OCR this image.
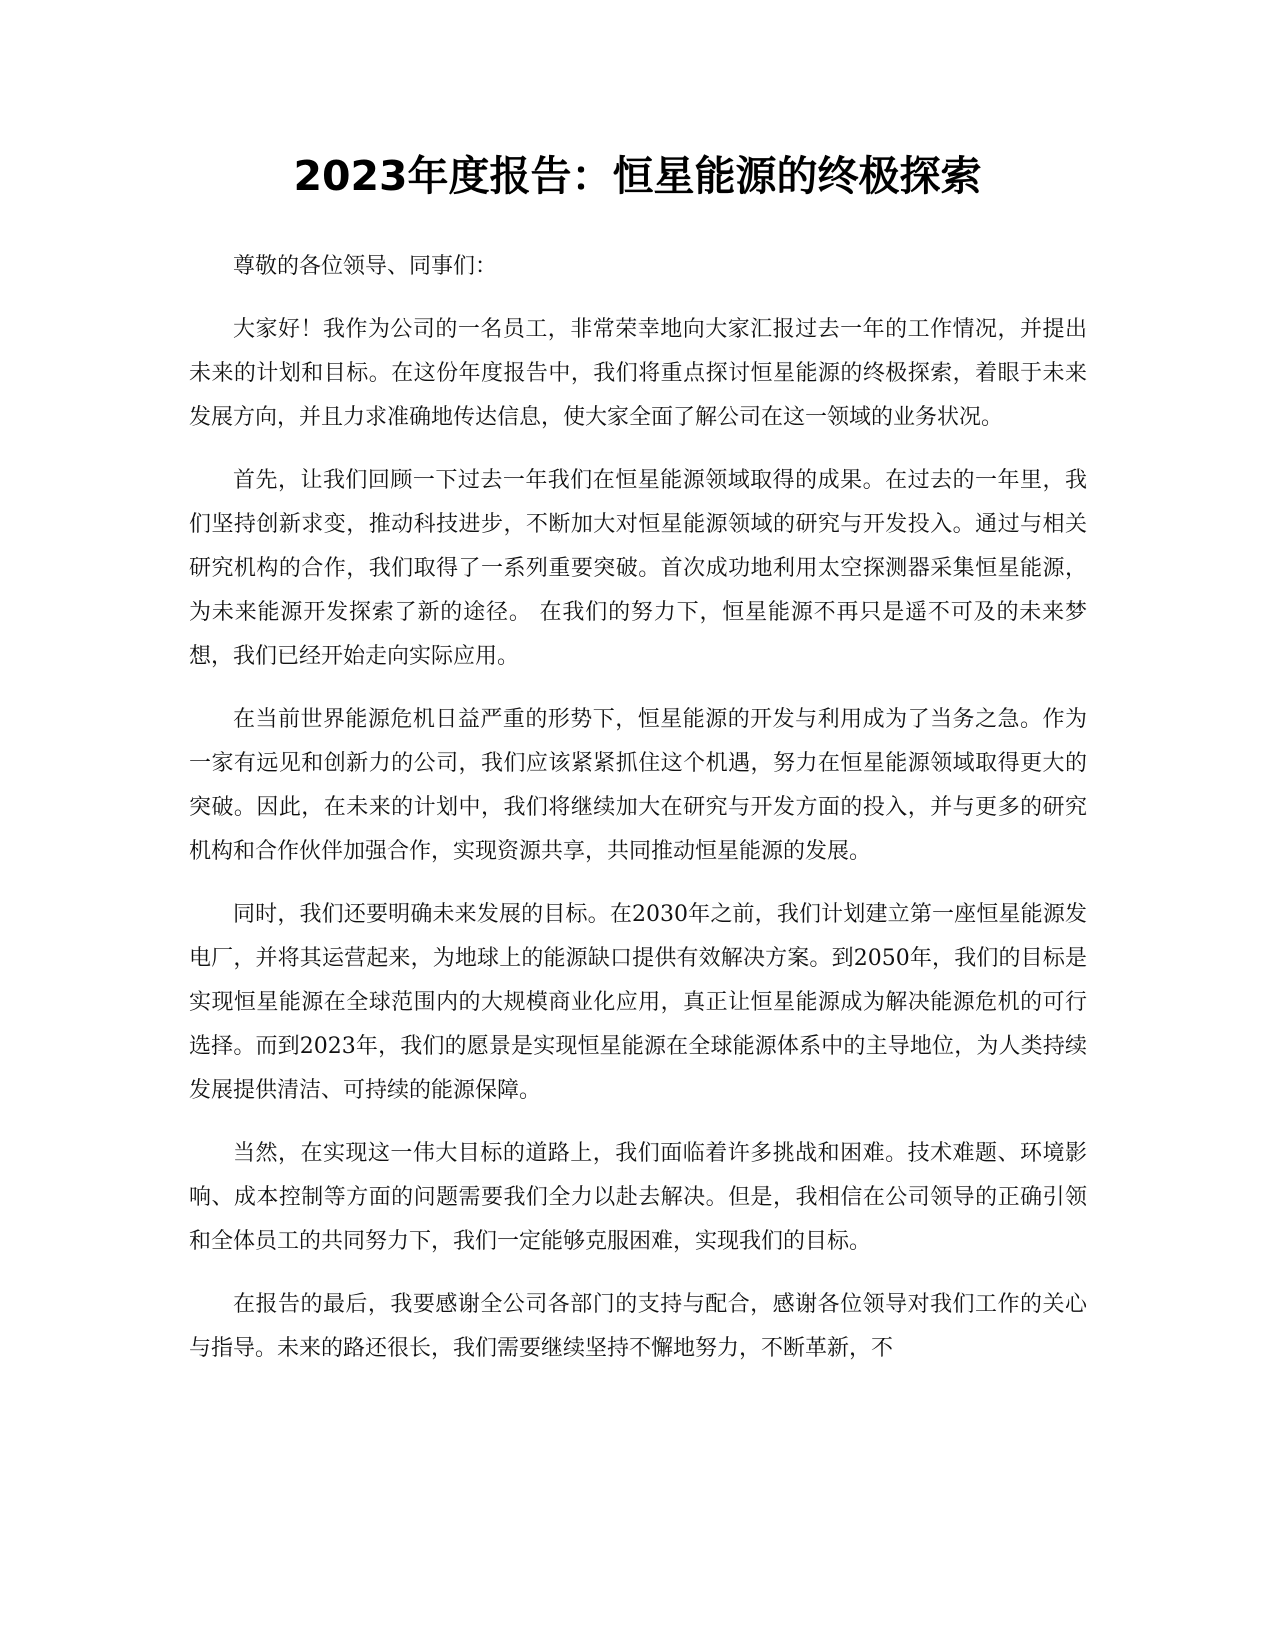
2023年度报告：恒星能源的终极探索

尊敬的各位领导、同事们：

大家好！我作为公司的一名员工，非常荣幸地向大家汇报过去一年的工作情况，并提出未来的计划和目标。在这份年度报告中，我们将重点探讨恒星能源的终极探索，着眼于未来发展方向，并且力求准确地传达信息，使大家全面了解公司在这一领域的业务状况。

首先，让我们回顾一下过去一年我们在恒星能源领域取得的成果。在过去的一年里，我们坚持创新求变，推动科技进步，不断加大对恒星能源领域的研究与开发投入。通过与相关研究机构的合作，我们取得了一系列重要突破。首次成功地利用太空探测器采集恒星能源，为未来能源开发探索了新的途径。 在我们的努力下，恒星能源不再只是遥不可及的未来梦想，我们已经开始走向实际应用。

在当前世界能源危机日益严重的形势下，恒星能源的开发与利用成为了当务之急。作为一家有远见和创新力的公司，我们应该紧紧抓住这个机遇，努力在恒星能源领域取得更大的突破。因此，在未来的计划中，我们将继续加大在研究与开发方面的投入，并与更多的研究机构和合作伙伴加强合作，实现资源共享，共同推动恒星能源的发展。

同时，我们还要明确未来发展的目标。在2030年之前，我们计划建立第一座恒星能源发电厂，并将其运营起来，为地球上的能源缺口提供有效解决方案。到2050年，我们的目标是实现恒星能源在全球范围内的大规模商业化应用，真正让恒星能源成为解决能源危机的可行选择。而到2023年，我们的愿景是实现恒星能源在全球能源体系中的主导地位，为人类持续发展提供清洁、可持续的能源保障。

当然，在实现这一伟大目标的道路上，我们面临着许多挑战和困难。技术难题、环境影响、成本控制等方面的问题需要我们全力以赴去解决。但是，我相信在公司领导的正确引领和全体员工的共同努力下，我们一定能够克服困难，实现我们的目标。

在报告的最后，我要感谢全公司各部门的支持与配合，感谢各位领导对我们工作的关心与指导。未来的路还很长，我们需要继续坚持不懈地努力，不断革新，不
